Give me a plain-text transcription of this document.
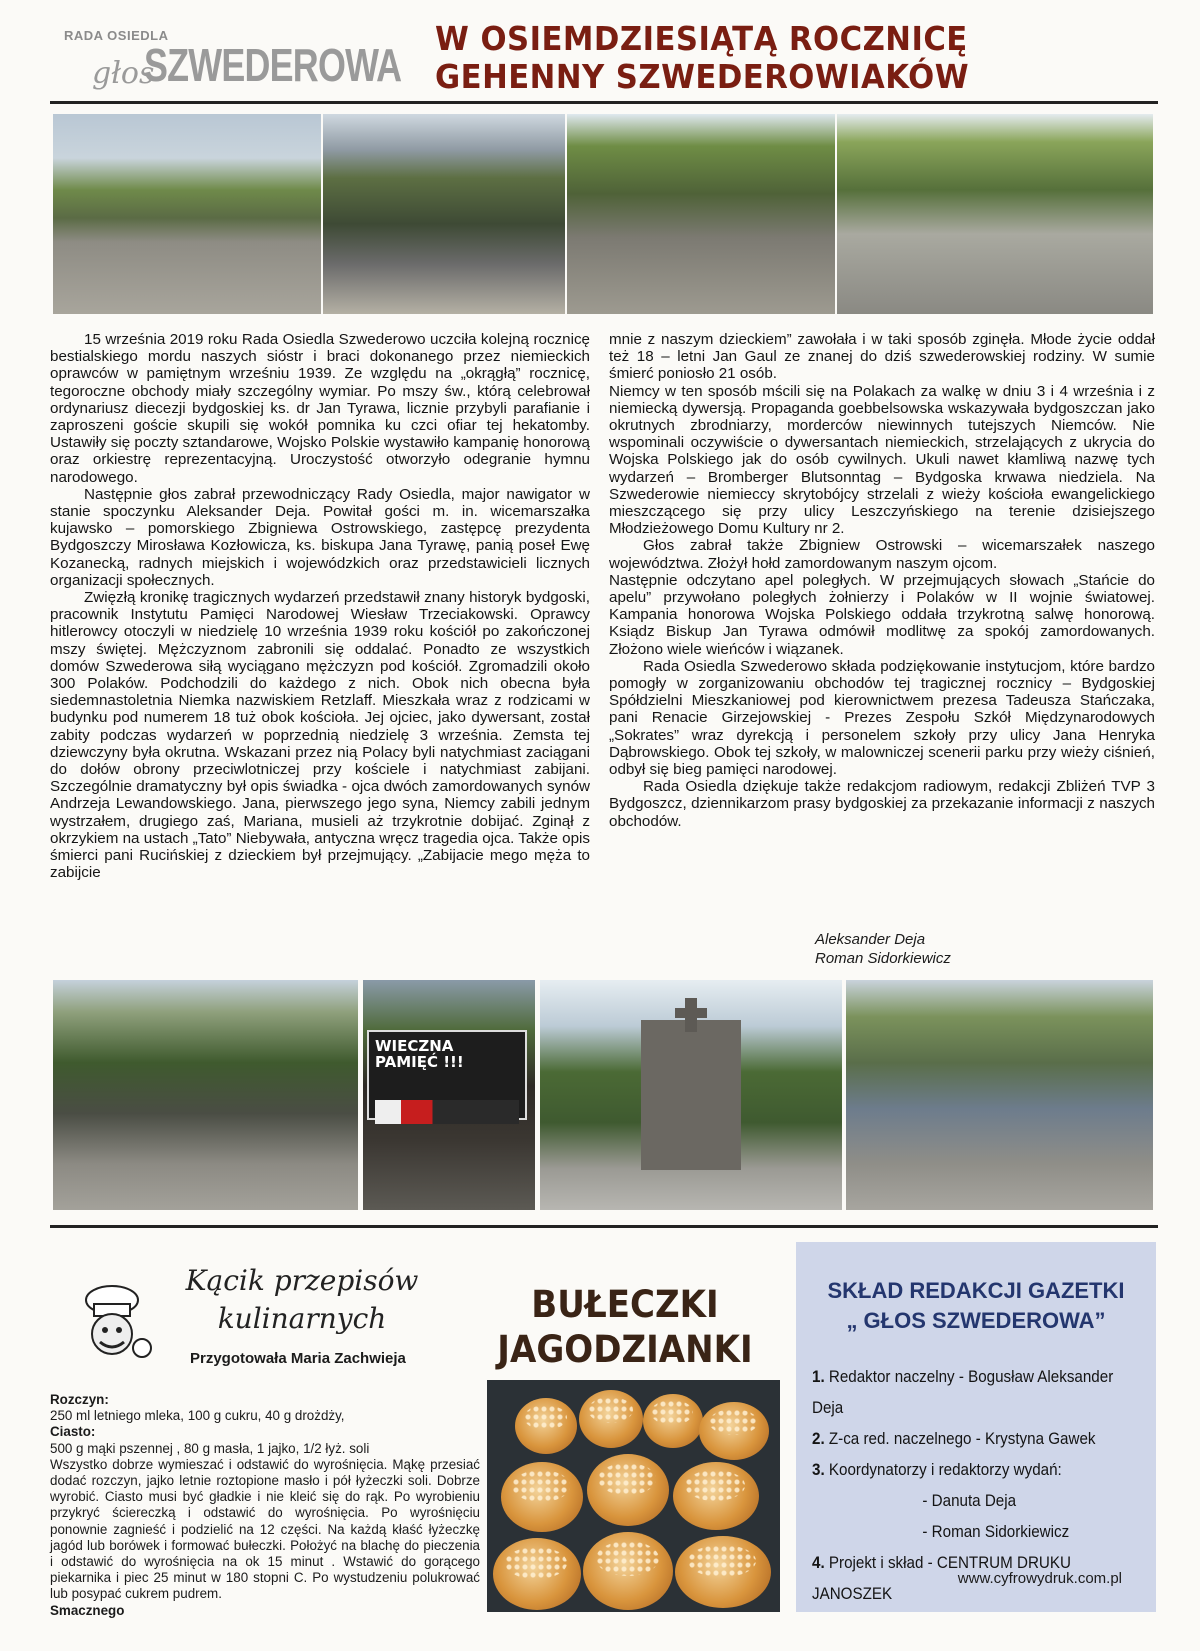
RADA OSIEDLA
SZWEDEROWA
głos
W OSIEMDZIESIĄTĄ ROCZNICĘ
GEHENNY SZWEDEROWIAKÓW

15 września 2019 roku Rada Osiedla Szwederowo uczciła kolejną rocznicę bestialskiego mordu naszych sióstr i braci dokonanego przez niemieckich oprawców w pamiętnym wrześniu 1939. Ze względu na „okrągłą” rocznicę, tegoroczne obchody miały szczególny wymiar. Po mszy św., którą celebrował ordynariusz diecezji bydgoskiej ks. dr Jan Tyrawa, licznie przybyli parafianie i zaproszeni goście skupili się wokół pomnika ku czci ofiar tej hekatomby. Ustawiły się poczty sztandarowe, Wojsko Polskie wystawiło kampanię honorową oraz orkiestrę reprezentacyjną. Uroczystość otworzyło odegranie hymnu narodowego.

Następnie głos zabrał przewodniczący Rady Osiedla, major nawigator w stanie spoczynku Aleksander Deja. Powitał gości m. in. wicemarszałka kujawsko – pomorskiego Zbigniewa Ostrowskiego, zastępcę prezydenta Bydgoszczy Mirosława Kozłowicza, ks. biskupa Jana Tyrawę, panią poseł Ewę Kozanecką, radnych miejskich i wojewódzkich oraz przedstawicieli licznych organizacji społecznych.

Zwięzłą kronikę tragicznych wydarzeń przedstawił znany historyk bydgoski, pracownik Instytutu Pamięci Narodowej Wiesław Trzeciakowski. Oprawcy hitlerowcy otoczyli w niedzielę 10 września 1939 roku kościół po zakończonej mszy świętej. Mężczyznom zabronili się oddalać. Ponadto ze wszystkich domów Szwederowa siłą wyciągano mężczyzn pod kościół. Zgromadzili około 300 Polaków. Podchodzili do każdego z nich. Obok nich obecna była siedemnastoletnia Niemka nazwiskiem Retzlaff. Mieszkała wraz z rodzicami w budynku pod numerem 18 tuż obok kościoła. Jej ojciec, jako dywersant, został zabity podczas wydarzeń w poprzednią niedzielę 3 września. Zemsta tej dziewczyny była okrutna. Wskazani przez nią Polacy byli natychmiast zaciągani do dołów obrony przeciwlotniczej przy kościele i natychmiast zabijani. Szczególnie dramatyczny był opis świadka - ojca dwóch zamordowanych synów Andrzeja Lewandowskiego. Jana, pierwszego jego syna, Niemcy zabili jednym wystrzałem, drugiego zaś, Mariana, musieli aż trzykrotnie dobijać. Zginął z okrzykiem na ustach „Tato” Niebywała, antyczna wręcz tragedia ojca. Także opis śmierci pani Rucińskiej z dzieckiem był przejmujący. „Zabijacie mego męża to zabijcie

mnie z naszym dzieckiem” zawołała i w taki sposób zginęła. Młode życie oddał też 18 – letni Jan Gaul ze znanej do dziś szwederowskiej rodziny. W sumie śmierć poniosło 21 osób.

Niemcy w ten sposób mścili się na Polakach za walkę w dniu 3 i 4 września i z niemiecką dywersją. Propaganda goebbelsowska wskazywała bydgoszczan jako okrutnych zbrodniarzy, morderców niewinnych tutejszych Niemców. Nie wspominali oczywiście o dywersantach niemieckich, strzelających z ukrycia do Wojska Polskiego jak do osób cywilnych. Ukuli nawet kłamliwą nazwę tych wydarzeń – Bromberger Blutsonntag – Bydgoska krwawa niedziela. Na Szwederowie niemieccy skrytobójcy strzelali z wieży kościoła ewangelickiego mieszczącego się przy ulicy Leszczyńskiego na terenie dzisiejszego Młodzieżowego Domu Kultury nr 2.

Głos zabrał także Zbigniew Ostrowski – wicemarszałek naszego województwa. Złożył hołd zamordowanym naszym ojcom.

Następnie odczytano apel poległych. W przejmujących słowach „Stańcie do apelu” przywołano poległych żołnierzy i Polaków w II wojnie światowej. Kampania honorowa Wojska Polskiego oddała trzykrotną salwę honorową. Ksiądz Biskup Jan Tyrawa odmówił modlitwę za spokój zamordowanych. Złożono wiele wieńców i wiązanek.

Rada Osiedla Szwederowo składa podziękowanie instytucjom, które bardzo pomogły w zorganizowaniu obchodów tej tragicznej rocznicy – Bydgoskiej Spółdzielni Mieszkaniowej pod kierownictwem prezesa Tadeusza Stańczaka, pani Renacie Girzejowskiej - Prezes Zespołu Szkół Międzynarodowych „Sokrates” wraz dyrekcją i personelem szkoły przy ulicy Jana Henryka Dąbrowskiego. Obok tej szkoły, w malowniczej scenerii parku przy wieży ciśnień, odbył się bieg pamięci narodowej.

Rada Osiedla dziękuje także redakcjom radiowym, redakcji Zbliżeń TVP 3 Bydgoszcz, dziennikarzom prasy bydgoskiej za przekazanie informacji z naszych obchodów.

Aleksander Deja
Roman Sidorkiewicz
WIECZNA PAMIĘĆ !!!
Kącik przepisów
kulinarnych
Przygotowała Maria Zachwieja
BUŁECZKI
JAGODZIANKI
Rozczyn:
250 ml letniego mleka, 100 g cukru, 40 g drożdży,
Ciasto:
500 g mąki pszennej , 80 g masła, 1 jajko, 1/2 łyż. soli
Wszystko dobrze wymieszać i odstawić do wyrośnięcia. Mąkę przesiać dodać rozczyn, jajko letnie roztopione masło i pół łyżeczki soli. Dobrze wyrobić. Ciasto musi być gładkie i nie kleić się do rąk. Po wyrobieniu przykryć ściereczką i odstawić do wyrośnięcia. Po wyrośnięciu ponownie zagnieść i podzielić na 12 części. Na każdą kłaść łyżeczkę jagód lub borówek i formować bułeczki. Położyć na blachę do pieczenia i odstawić do wyrośnięcia na ok 15 minut . Wstawić do gorącego piekarnika i piec 25 minut w 180 stopni C. Po wystudzeniu polukrować lub posypać cukrem pudrem.
Smacznego
SKŁAD REDAKCJI GAZETKI
„ GŁOS SZWEDEROWA”
1. Redaktor naczelny - Bogusław Aleksander Deja
2. Z-ca red. naczelnego - Krystyna Gawek
3. Koordynatorzy i redaktorzy wydań:
- Danuta Deja
- Roman Sidorkiewicz
4. Projekt i skład - CENTRUM DRUKU JANOSZEK
www.cyfrowydruk.com.pl
